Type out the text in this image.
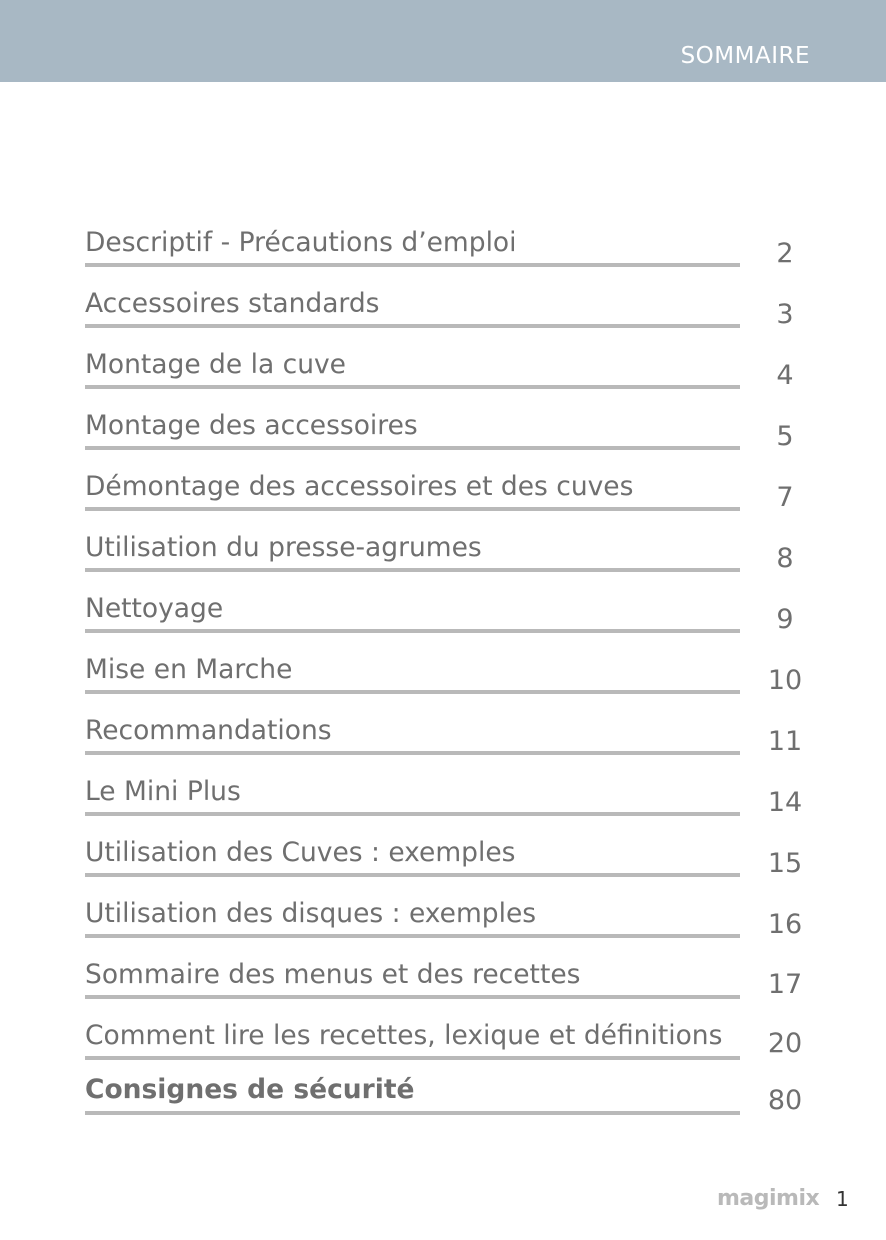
SOMMAIRE
Descriptif - Précautions d’emploi	2
Accessoires standards	3
Montage de la cuve	4
Montage des accessoires	5
Démontage des accessoires et des cuves	7
Utilisation du presse-agrumes	8
Nettoyage	9
Mise en Marche	10
Recommandations	11
Le Mini Plus	14
Utilisation des Cuves : exemples	15
Utilisation des disques : exemples	16
Sommaire des menus et des recettes	17
Comment lire les recettes, lexique et définitions	20
Consignes de sécurité	80
magimix 1
